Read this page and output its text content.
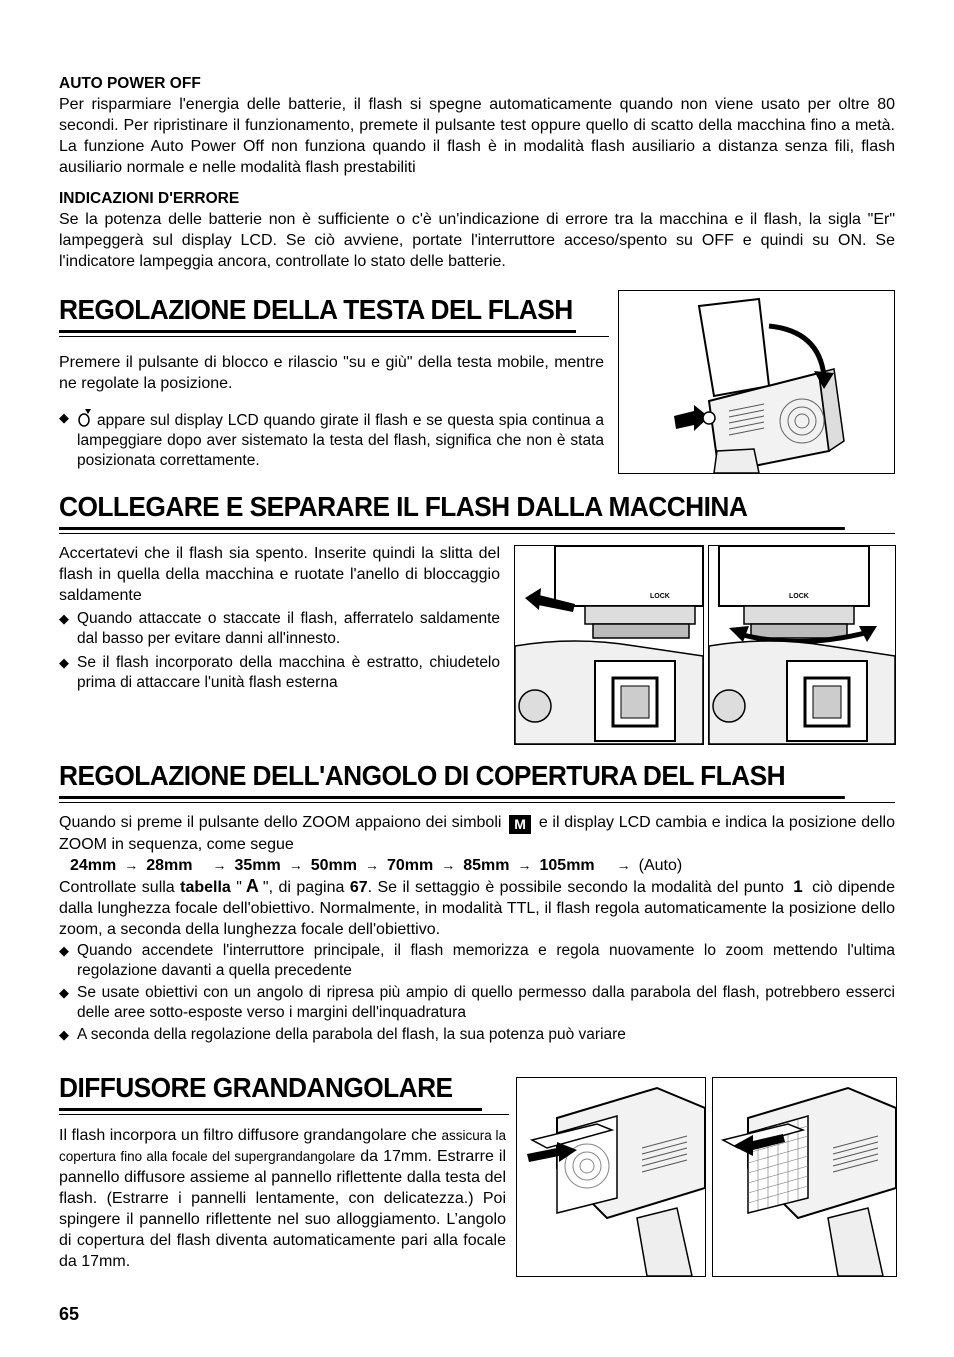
AUTO POWER OFF

Per risparmiare l'energia delle batterie, il flash si spegne automaticamente quando non viene usato per oltre 80 secondi. Per ripristinare il funzionamento, premete il pulsante test oppure quello di scatto della macchina fino a metà. La funzione Auto Power Off non funziona quando il flash è in modalità flash ausiliario a distanza senza fili, flash ausiliario normale e nelle modalità flash prestabiliti

INDICAZIONI D'ERRORE

Se la potenza delle batterie non è sufficiente o c'è un'indicazione di errore tra la macchina e il flash, la sigla "Er" lampeggerà sul display LCD. Se ciò avviene, portate l'interruttore acceso/spento su OFF e quindi su ON. Se l'indicatore lampeggia ancora, controllate lo stato delle batterie.

REGOLAZIONE DELLA TESTA DEL FLASH

Premere il pulsante di blocco e rilascio "su e giù" della testa mobile, mentre ne regolate la posizione.

◆ appare sul display LCD quando girate il flash e se questa spia continua a lampeggiare dopo aver sistemato la testa del flash, significa che non è stata posizionata correttamente.

COLLEGARE E SEPARARE IL FLASH DALLA MACCHINA

Accertatevi che il flash sia spento. Inserite quindi la slitta del flash in quella della macchina e ruotate l'anello di bloccaggio saldamente

◆ Quando attaccate o staccate il flash, afferratelo saldamente dal basso per evitare danni all'innesto.

◆ Se il flash incorporato della macchina è estratto, chiudetelo prima di attaccare l'unità flash esterna

LOCK	LOCK
REGOLAZIONE DELL'ANGOLO DI COPERTURA DEL FLASH

Quando si preme il pulsante dello ZOOM appaiono dei simboli M e il display LCD cambia e indica la posizione dello ZOOM in sequenza, come segue

24mm → 28mm → 35mm → 50mm → 70mm → 85mm → 105mm → (Auto)

Controllate sulla tabella " A ", di pagina 67. Se il settaggio è possibile secondo la modalità del punto 1 ciò dipende dalla lunghezza focale dell'obiettivo. Normalmente, in modalità TTL, il flash regola automaticamente la posizione dello zoom, a seconda della lunghezza focale dell'obiettivo.

◆ Quando accendete l'interruttore principale, il flash memorizza e regola nuovamente lo zoom mettendo l'ultima regolazione davanti a quella precedente

◆ Se usate obiettivi con un angolo di ripresa più ampio di quello permesso dalla parabola del flash, potrebbero esserci delle aree sotto-esposte verso i margini dell'inquadratura

◆ A seconda della regolazione della parabola del flash, la sua potenza può variare

DIFFUSORE GRANDANGOLARE

Il flash incorpora un filtro diffusore grandangolare che assicura la copertura fino alla focale del supergrandangolare da 17mm. Estrarre il pannello diffusore assieme al pannello riflettente dalla testa del flash. (Estrarre i pannelli lentamente, con delicatezza.) Poi spingere il pannello riflettente nel suo alloggiamento. L’angolo di copertura del flash diventa automaticamente pari alla focale da 17mm.

65
